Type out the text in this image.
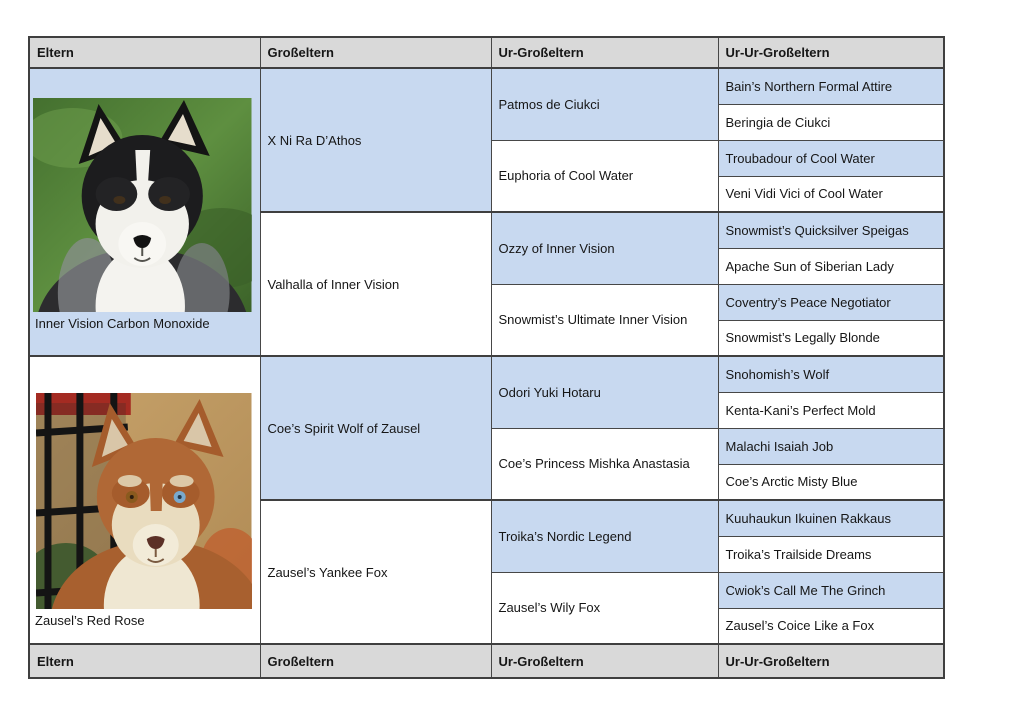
Eltern	Großeltern	Ur-Großeltern	Ur-Ur-Großeltern

Inner Vision Carbon Monoxide	X Ni Ra D’Athos	Patmos de Ciukci	Bain’s Northern Formal Attire
			Beringia de Ciukci
		Euphoria of Cool Water	Troubadour of Cool Water
			Veni Vidi Vici of Cool Water
	Valhalla of Inner Vision	Ozzy of Inner Vision	Snowmist’s Quicksilver Speigas
			Apache Sun of Siberian Lady
		Snowmist’s Ultimate Inner Vision	Coventry’s Peace Negotiator
			Snowmist’s Legally Blonde

Zausel’s Red Rose	Coe’s Spirit Wolf of Zausel	Odori Yuki Hotaru	Snohomish’s Wolf
			Kenta-Kani’s Perfect Mold
		Coe’s Princess Mishka Anastasia	Malachi Isaiah Job
			Coe’s Arctic Misty Blue
	Zausel’s Yankee Fox	Troika’s Nordic Legend	Kuuhaukun Ikuinen Rakkaus
			Troika’s Trailside Dreams
		Zausel’s Wily Fox	Cwiok’s Call Me The Grinch
			Zausel’s Coice Like a Fox
Eltern	Großeltern	Ur-Großeltern	Ur-Ur-Großeltern
